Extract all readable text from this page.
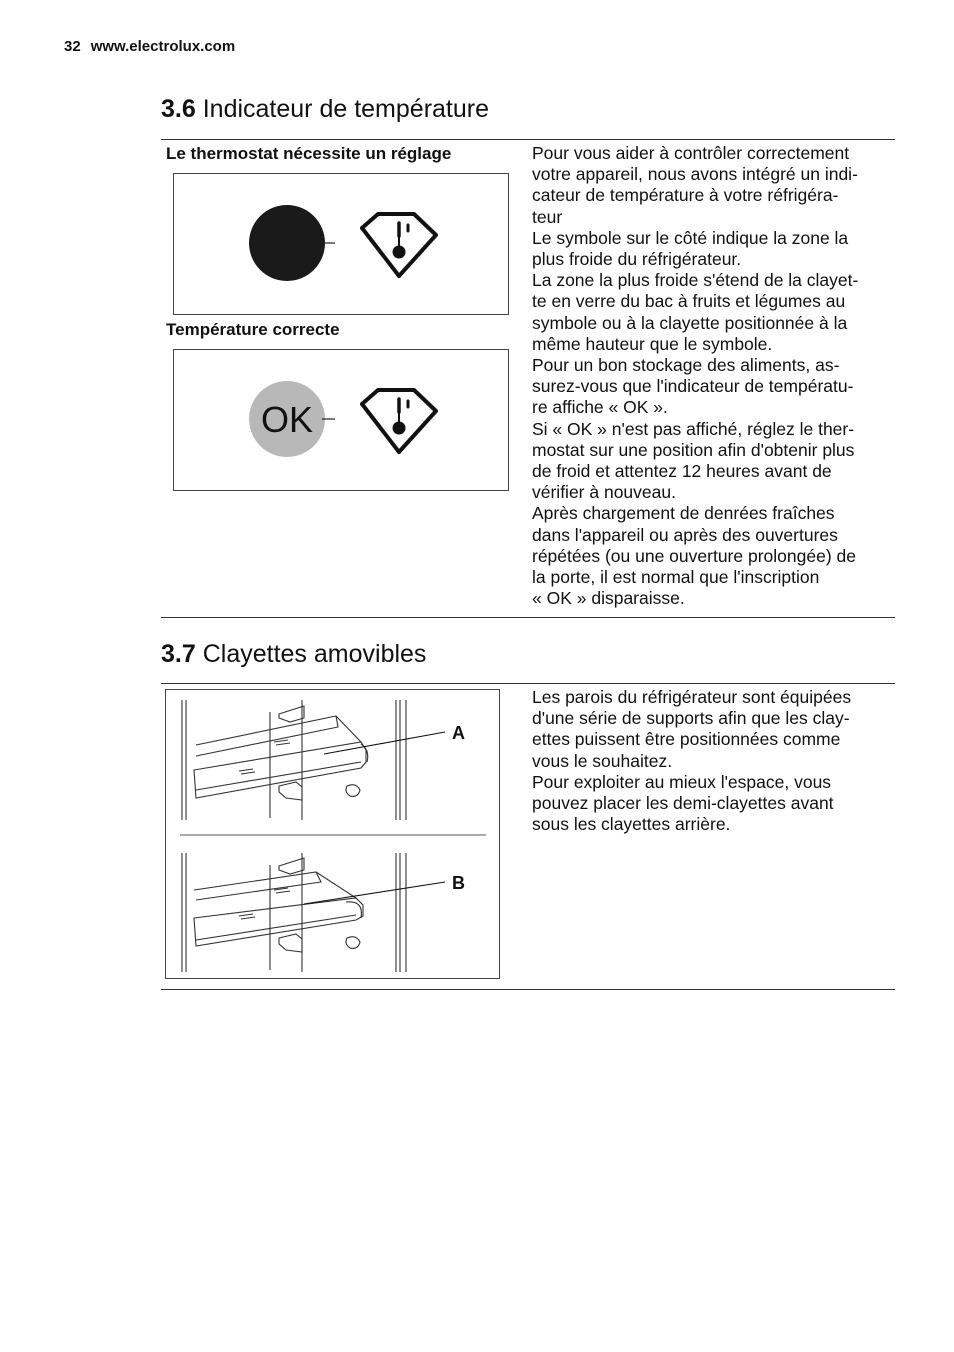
32 www.electrolux.com
3.6 Indicateur de température
Le thermostat nécessite un réglage
Température correcte
OK

Pour vous aider à contrôler correctement
votre appareil, nous avons intégré un indi-
cateur de température à votre réfrigéra-
teur

Le symbole sur le côté indique la zone la
plus froide du réfrigérateur.

La zone la plus froide s'étend de la clayet-
te en verre du bac à fruits et légumes au
symbole ou à la clayette positionnée à la
même hauteur que le symbole.

Pour un bon stockage des aliments, as-
surez-vous que l'indicateur de températu-
re affiche « OK ».

Si « OK » n'est pas affiché, réglez le ther-
mostat sur une position afin d'obtenir plus
de froid et attentez 12 heures avant de
vérifier à nouveau.

Après chargement de denrées fraîches
dans l'appareil ou après des ouvertures
répétées (ou une ouverture prolongée) de
la porte, il est normal que l'inscription
« OK » disparaisse.

3.7 Clayettes amovibles
A
B

Les parois du réfrigérateur sont équipées
d'une série de supports afin que les clay-
ettes puissent être positionnées comme
vous le souhaitez.

Pour exploiter au mieux l'espace, vous
pouvez placer les demi-clayettes avant
sous les clayettes arrière.
